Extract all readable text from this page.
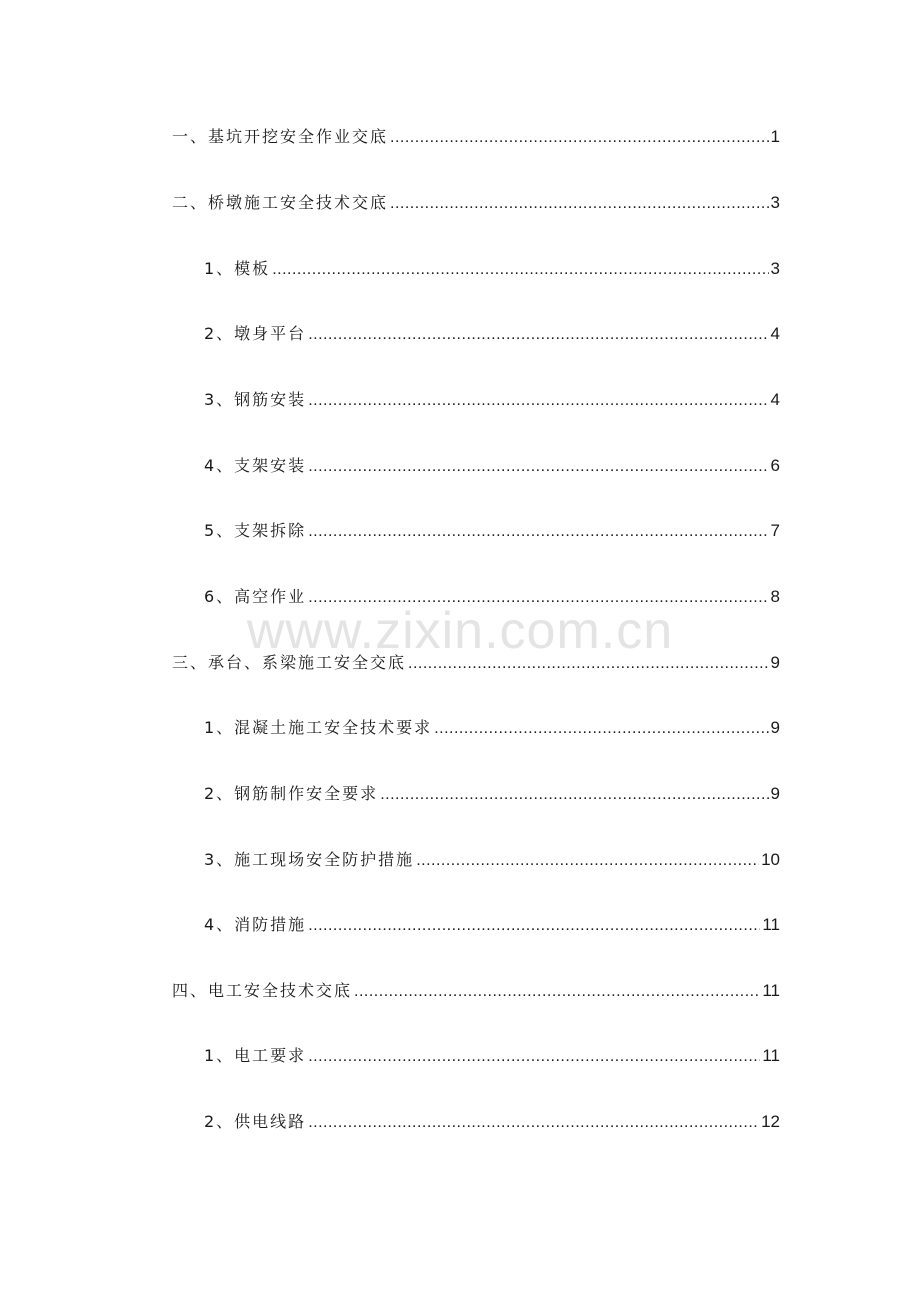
一、基坑开挖安全作业交底 .....	1
二、桥墩施工安全技术交底 .....	3
1、模板 .....	3
2、墩身平台 .....	4
3、钢筋安装 .....	4
4、支架安装 .....	6
5、支架拆除 .....	7
6、高空作业 .....	8
三、承台、系梁施工安全交底 .....	9
1、混凝土施工安全技术要求 .....	9
2、钢筋制作安全要求 .....	9
3、施工现场安全防护措施 .....	10
4、消防措施 .....	11
四、电工安全技术交底 .....	11
1、电工要求 .....	11
2、供电线路 .....	12
www.zixin.com.cn
